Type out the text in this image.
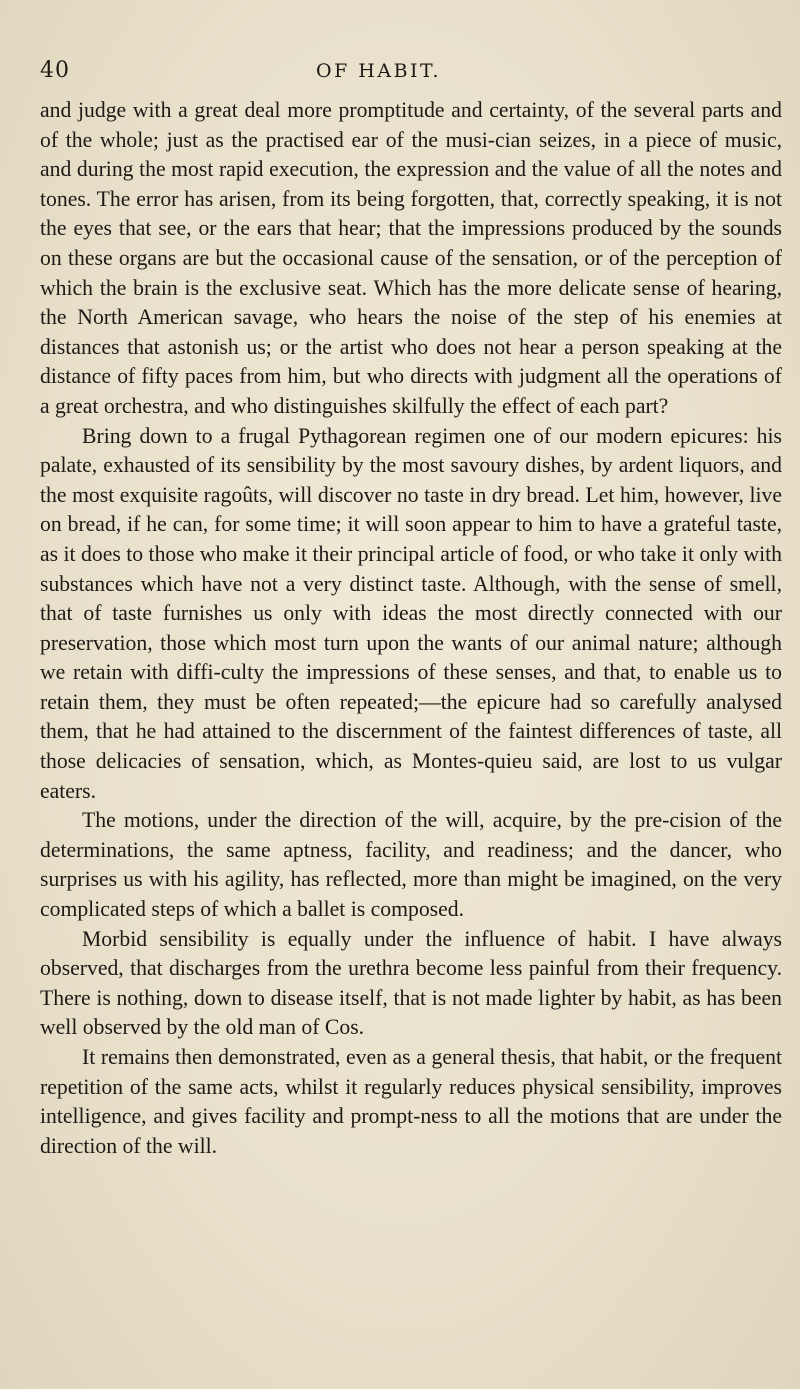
40	OF HABIT.

and judge with a great deal more promptitude and certainty, of the several parts and of the whole; just as the practised ear of the musi-cian seizes, in a piece of music, and during the most rapid execution, the expression and the value of all the notes and tones. The error has arisen, from its being forgotten, that, correctly speaking, it is not the eyes that see, or the ears that hear; that the impressions produced by the sounds on these organs are but the occasional cause of the sensation, or of the perception of which the brain is the exclusive seat. Which has the more delicate sense of hearing, the North American savage, who hears the noise of the step of his enemies at distances that astonish us; or the artist who does not hear a person speaking at the distance of fifty paces from him, but who directs with judgment all the operations of a great orchestra, and who distinguishes skilfully the effect of each part?

Bring down to a frugal Pythagorean regimen one of our modern epicures: his palate, exhausted of its sensibility by the most savoury dishes, by ardent liquors, and the most exquisite ragoûts, will discover no taste in dry bread. Let him, however, live on bread, if he can, for some time; it will soon appear to him to have a grateful taste, as it does to those who make it their principal article of food, or who take it only with substances which have not a very distinct taste. Although, with the sense of smell, that of taste furnishes us only with ideas the most directly connected with our preservation, those which most turn upon the wants of our animal nature; although we retain with diffi-culty the impressions of these senses, and that, to enable us to retain them, they must be often repeated;—the epicure had so carefully analysed them, that he had attained to the discernment of the faintest differences of taste, all those delicacies of sensation, which, as Montes-quieu said, are lost to us vulgar eaters.

The motions, under the direction of the will, acquire, by the pre-cision of the determinations, the same aptness, facility, and readiness; and the dancer, who surprises us with his agility, has reflected, more than might be imagined, on the very complicated steps of which a ballet is composed.

Morbid sensibility is equally under the influence of habit. I have always observed, that discharges from the urethra become less painful from their frequency. There is nothing, down to disease itself, that is not made lighter by habit, as has been well observed by the old man of Cos.

It remains then demonstrated, even as a general thesis, that habit, or the frequent repetition of the same acts, whilst it regularly reduces physical sensibility, improves intelligence, and gives facility and prompt-ness to all the motions that are under the direction of the will.
